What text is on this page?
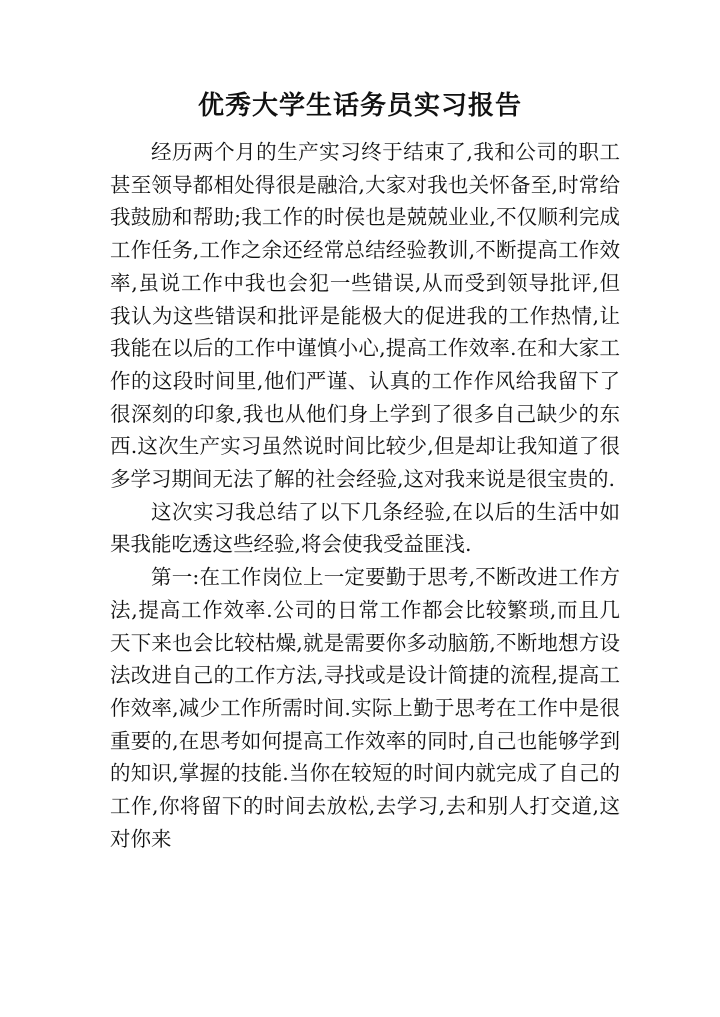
优秀大学生话务员实习报告

经历两个月的生产实习终于结束了,我和公司的职工甚至领导都相处得很是融洽,大家对我也关怀备至,时常给我鼓励和帮助;我工作的时侯也是兢兢业业,不仅顺利完成工作任务,工作之余还经常总结经验教训,不断提高工作效率,虽说工作中我也会犯一些错误,从而受到领导批评,但我认为这些错误和批评是能极大的促进我的工作热情,让我能在以后的工作中谨慎小心,提高工作效率.在和大家工作的这段时间里,他们严谨、认真的工作作风给我留下了很深刻的印象,我也从他们身上学到了很多自己缺少的东西.这次生产实习虽然说时间比较少,但是却让我知道了很多学习期间无法了解的社会经验,这对我来说是很宝贵的.

这次实习我总结了以下几条经验,在以后的生活中如果我能吃透这些经验,将会使我受益匪浅.

第一:在工作岗位上一定要勤于思考,不断改进工作方法,提高工作效率.公司的日常工作都会比较繁琐,而且几天下来也会比较枯燥,就是需要你多动脑筋,不断地想方设法改进自己的工作方法,寻找或是设计简捷的流程,提高工作效率,减少工作所需时间.实际上勤于思考在工作中是很重要的,在思考如何提高工作效率的同时,自己也能够学到的知识,掌握的技能.当你在较短的时间内就完成了自己的工作,你将留下的时间去放松,去学习,去和别人打交道,这对你来
